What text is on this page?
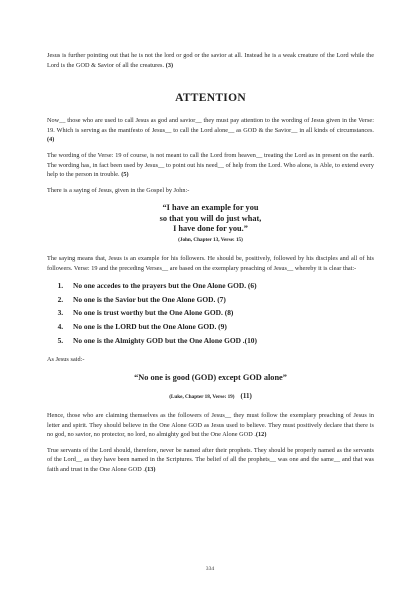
Jesus is further pointing out that he is not the lord or god or the savior at all. Instead he is a weak creature of the Lord while the Lord is the GOD & Savior of all the creatures. (3)

ATTENTION

Now__ those who are used to call Jesus as god and savior__ they must pay attention to the wording of Jesus given in the Verse: 19. Which is serving as the manifesto of Jesus__ to call the Lord alone__ as GOD & the Savior__ in all kinds of circumstances. (4)

The wording of the Verse: 19 of course, is not meant to call the Lord from heaven__ treating the Lord as in present on the earth. The wording has, in fact been used by Jesus__ to point out his need__ of help from the Lord. Who alone, is Able, to extend every help to the person in trouble. (5)

There is a saying of Jesus, given in the Gospel by John:-

“I have an example for you
so that you will do just what,
I have done for you.”
(John, Chapter 13, Verse: 15)

The saying means that, Jesus is an example for his followers. He should be, positively, followed by his disciples and all of his followers. Verse: 19 and the preceding Verses__ are based on the exemplary preaching of Jesus__ whereby it is clear that:-

1. No one accedes to the prayers but the One Alone GOD. (6)
2. No one is the Savior but the One Alone GOD. (7)
3. No one is trust worthy but the One Alone GOD. (8)
4. No one is the LORD but the One Alone GOD. (9)
5. No one is the Almighty GOD but the One Alone GOD .(10)

As Jesus said:-

“No one is good (GOD) except GOD alone”
(Luke, Chapter 18, Verse: 19) (11)

Hence, those who are claiming themselves as the followers of Jesus__ they must follow the exemplary preaching of Jesus in letter and spirit. They should believe in the One Alone GOD as Jesus used to believe. They must positively declare that there is no god, no savior, no protector, no lord, no almighty god but the One Alone GOD .(12)

True servants of the Lord should, therefore, never be named after their prophets. They should be properly named as the servants of the Lord__ as they have been named in the Scriptures. The belief of all the prophets__ was one and the same__ and that was faith and trust in the One Alone GOD .(13)

334
